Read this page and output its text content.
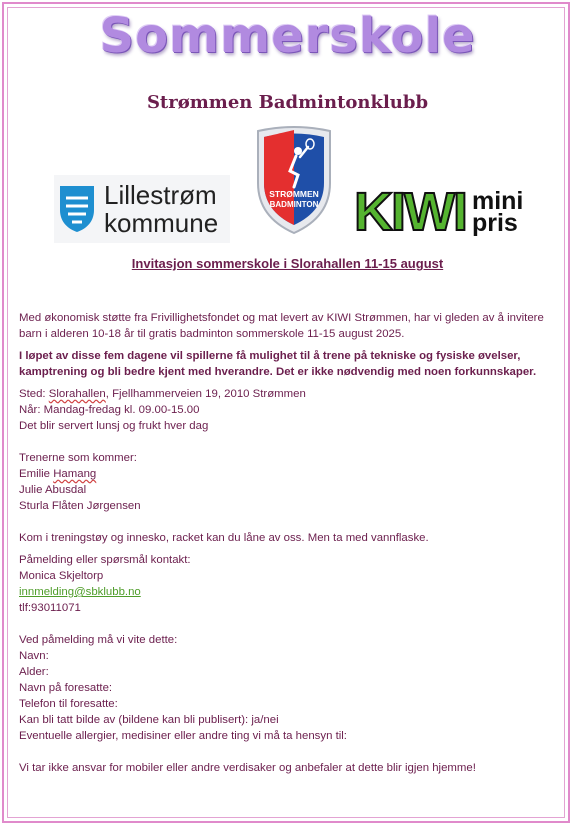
Sommerskole
Strømmen Badmintonklubb
Lillestrøm
kommune
STRØMMEN
BADMINTON KIWI mini
pris
Invitasjon sommerskole i Slorahallen 11-15 august

Med økonomisk støtte fra Frivillighetsfondet og mat levert av KIWI Strømmen, har vi gleden av å invitere

barn i alderen 10-18 år til gratis badminton sommerskole 11-15 august 2025.

I løpet av disse fem dagene vil spillerne få mulighet til å trene på tekniske og fysiske øvelser,

kamptrening og bli bedre kjent med hverandre. Det er ikke nødvendig med noen forkunnskaper.

Sted: Slorahallen, Fjellhammerveien 19, 2010 Strømmen

Når: Mandag-fredag kl. 09.00-15.00

Det blir servert lunsj og frukt hver dag

Trenerne som kommer:

Emilie Hamang

Julie Abusdal

Sturla Flåten Jørgensen

Kom i treningstøy og innesko, racket kan du låne av oss. Men ta med vannflaske.

Påmelding eller spørsmål kontakt:

Monica Skjeltorp

innmelding@sbklubb.no

tlf:93011071

Ved påmelding må vi vite dette:

Navn:

Alder:

Navn på foresatte:

Telefon til foresatte:

Kan bli tatt bilde av (bildene kan bli publisert): ja/nei

Eventuelle allergier, medisiner eller andre ting vi må ta hensyn til:

Vi tar ikke ansvar for mobiler eller andre verdisaker og anbefaler at dette blir igjen hjemme!
